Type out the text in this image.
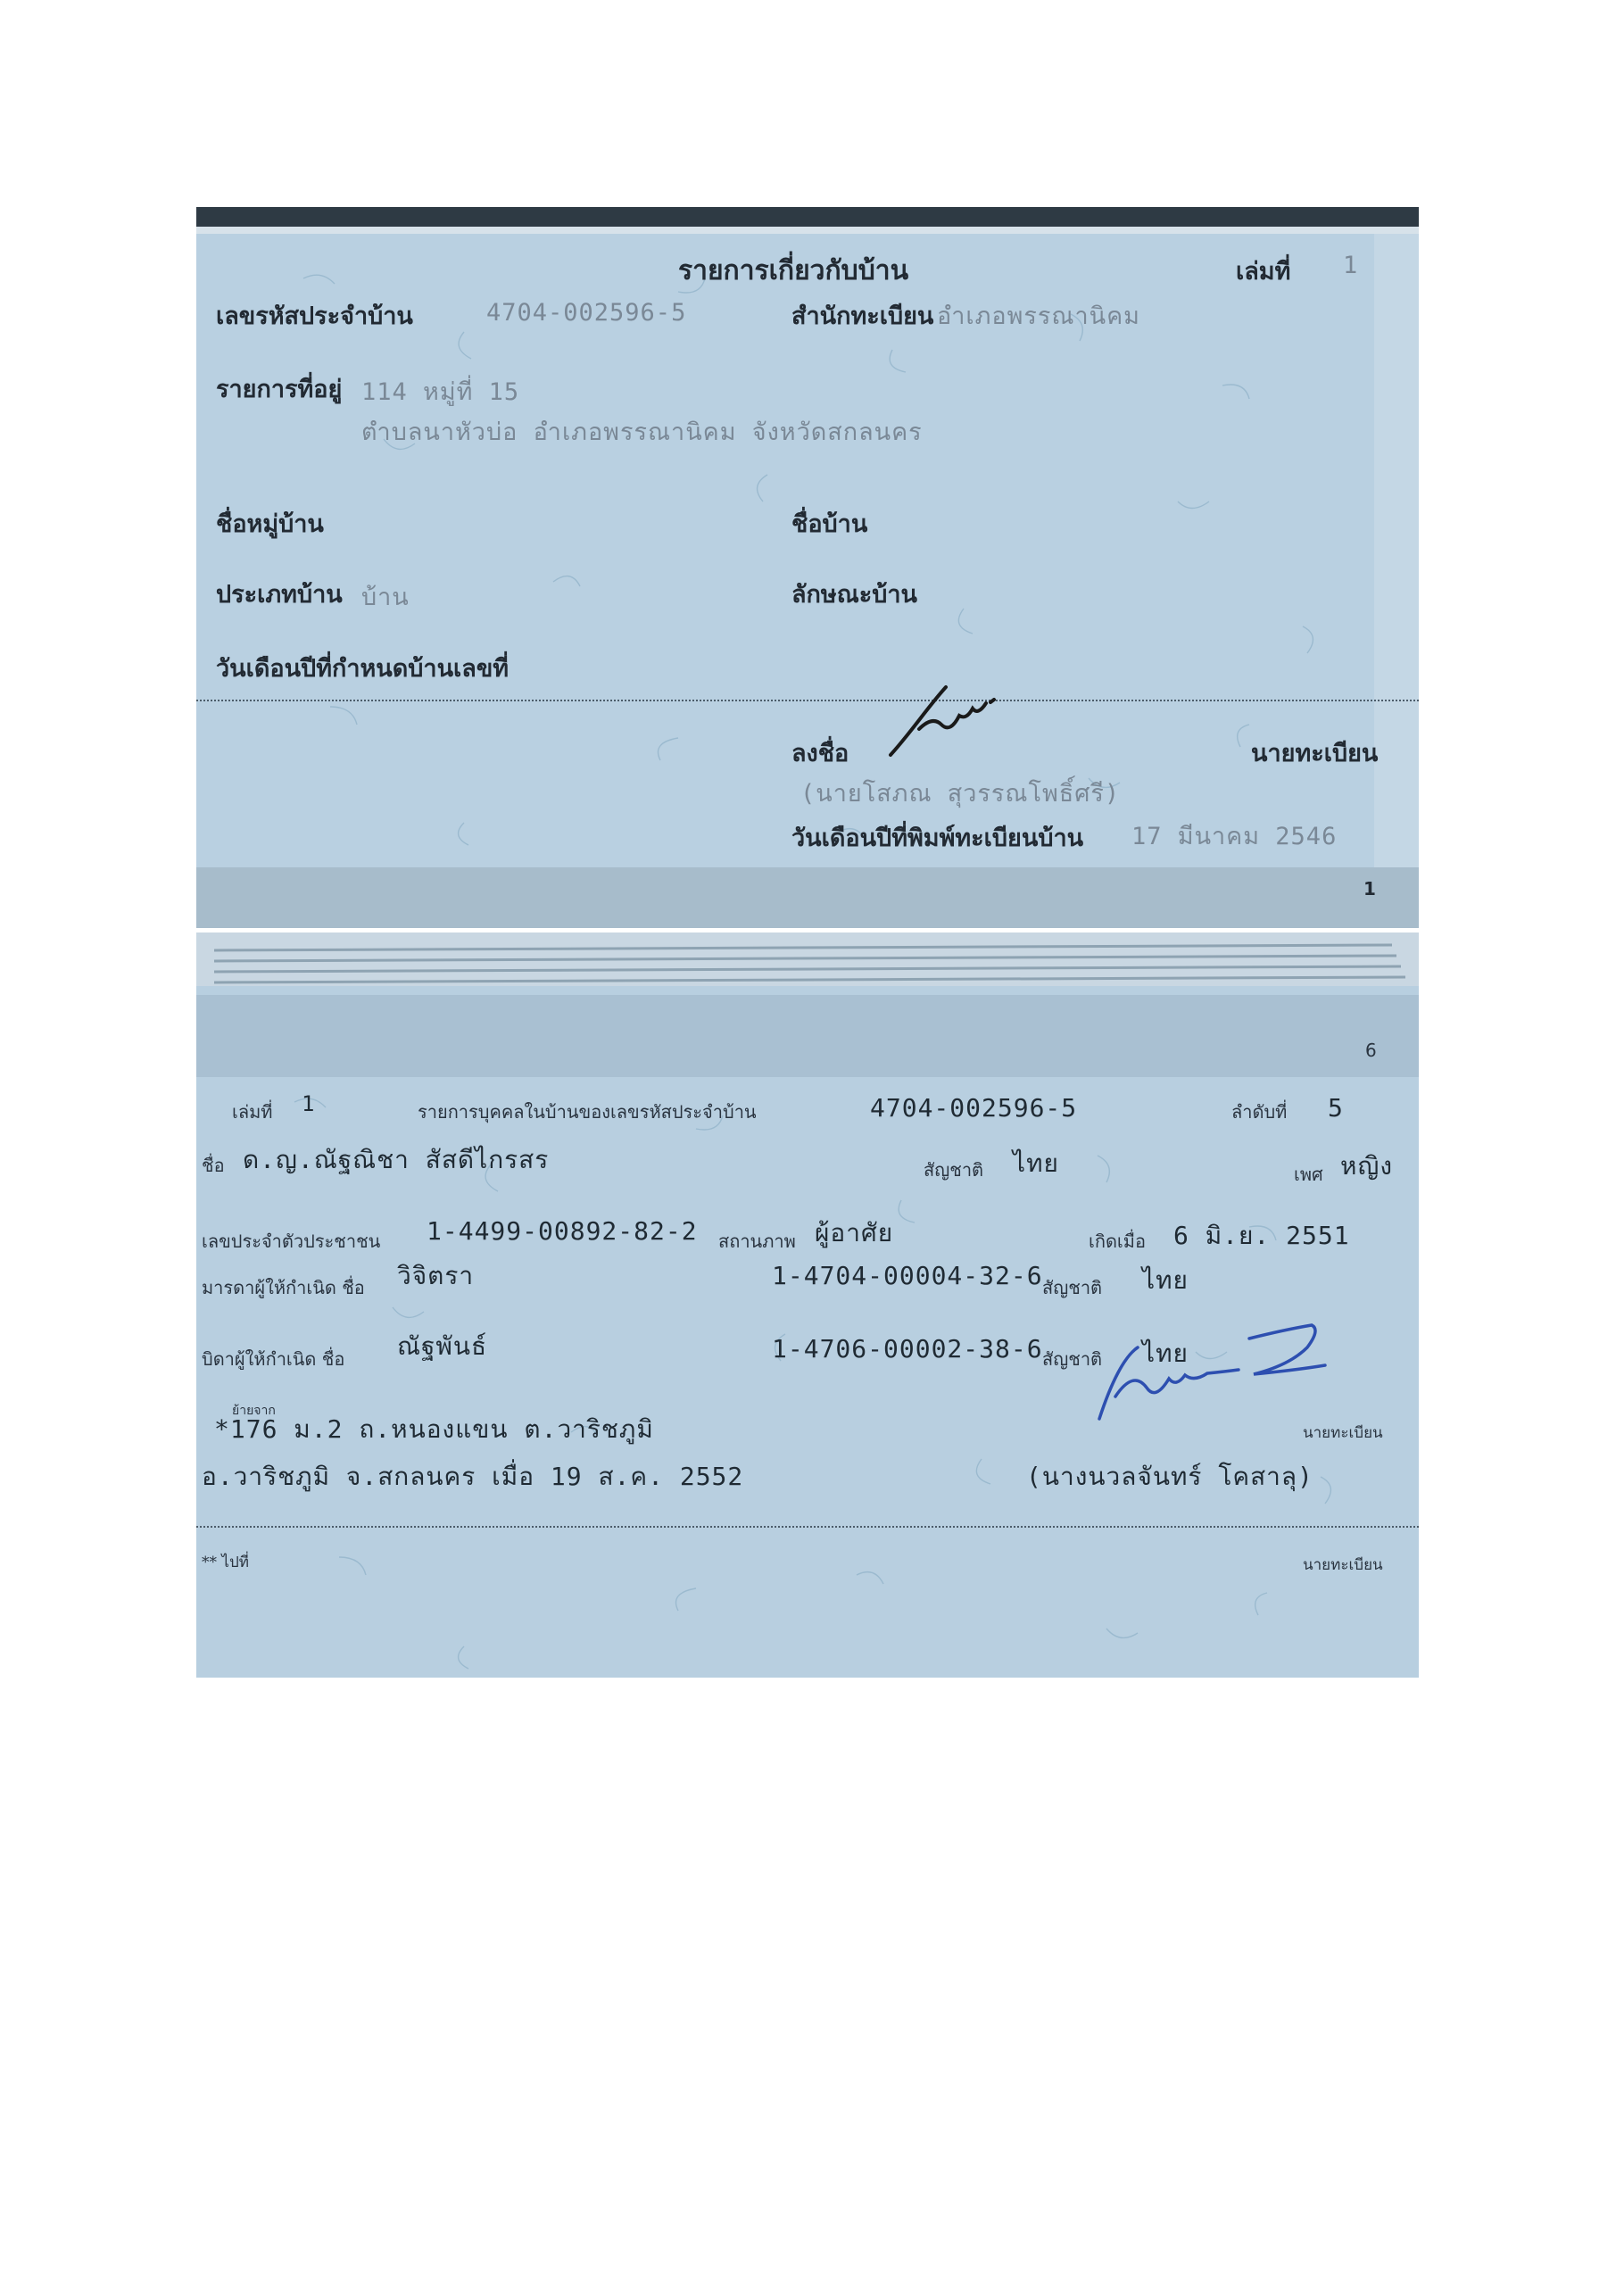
รายการเกี่ยวกับบ้าน	เล่มที่ 1
เลขรหัสประจำบ้าน	4704-002596-5	สำนักทะเบียน อำเภอพรรณานิคม
รายการที่อยู่ 114 หมู่ที่ 15
ตำบลนาหัวบ่อ อำเภอพรรณานิคม จังหวัดสกลนคร
ชื่อหมู่บ้าน	ชื่อบ้าน
ประเภทบ้าน บ้าน	ลักษณะบ้าน
วันเดือนปีที่กำหนดบ้านเลขที่
ลงชื่อ	นายทะเบียน
(นายโสภณ สุวรรณโพธิ์ศรี)
วันเดือนปีที่พิมพ์ทะเบียนบ้าน 17 มีนาคม 2546
1
6
เล่มที่ 1	รายการบุคคลในบ้านของเลขรหัสประจำบ้าน	4704-002596-5	ลำดับที่ 5
ชื่อ ด.ญ.ณัฐณิชา สัสดีไกรสร	สัญชาติ ไทย	เพศ หญิง
เลขประจำตัวประชาชน 1-4499-00892-82-2 สถานภาพ ผู้อาศัย	เกิดเมื่อ 6 มิ.ย. 2551
มารดาผู้ให้กำเนิด ชื่อ วิจิตรา	1-4704-00004-32-6 สัญชาติ ไทย
บิดาผู้ให้กำเนิด ชื่อ ณัฐพันธ์	1-4706-00002-38-6 สัญชาติ ไทย
ย้ายจาก
*176 ม.2 ถ.หนองแขน ต.วาริชภูมิ
อ.วาริชภูมิ จ.สกลนคร เมื่อ 19 ส.ค. 2552
นายทะเบียน
(นางนวลจันทร์ โคสาลุ)
** ไปที่	นายทะเบียน
